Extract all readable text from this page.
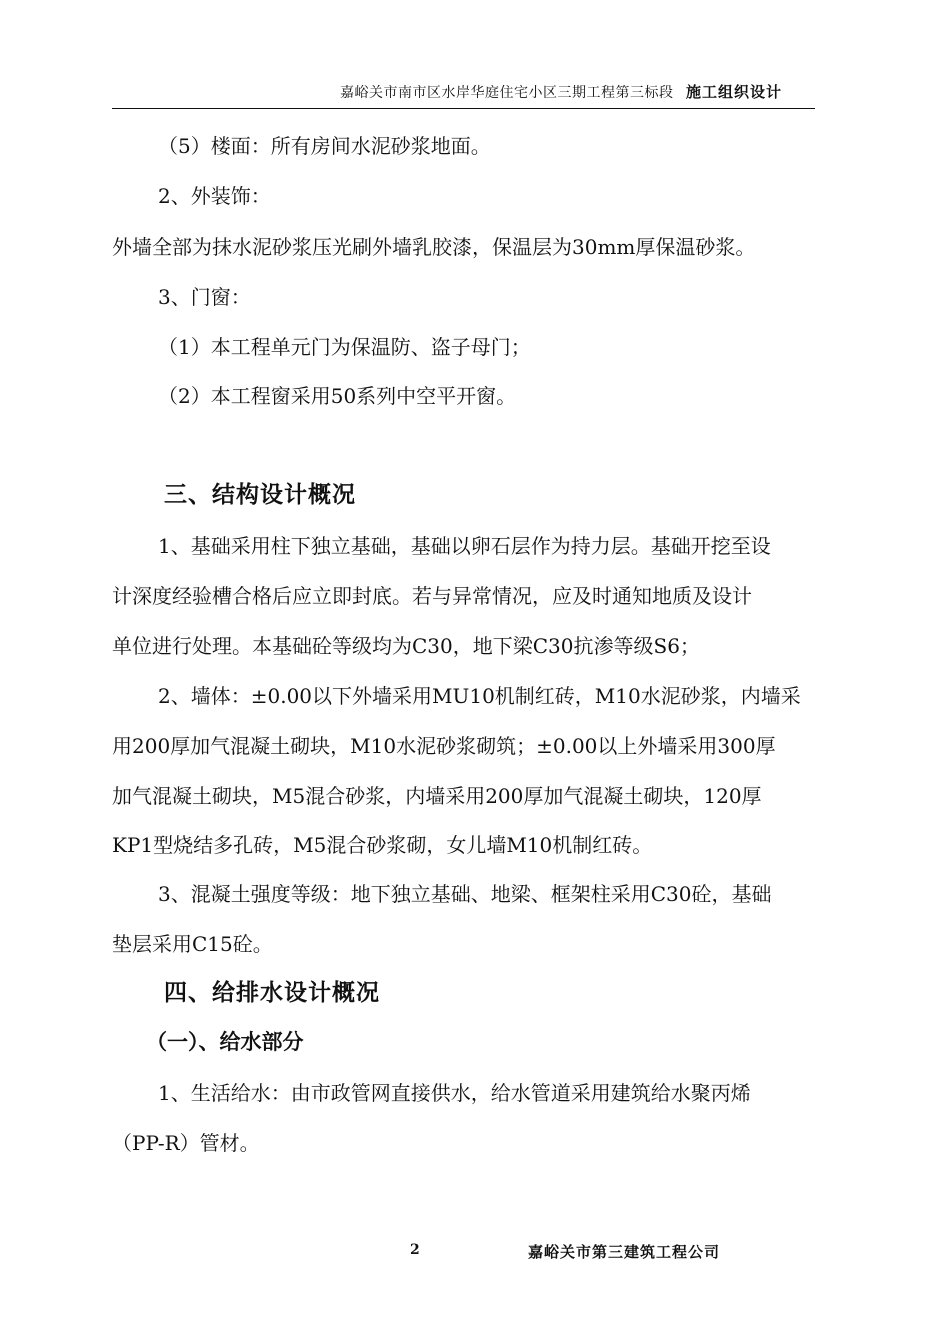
嘉峪关市南市区水岸华庭住宅小区三期工程第三标段 施工组织设计
（5）楼面：所有房间水泥砂浆地面。
2、外装饰：
外墙全部为抹水泥砂浆压光刷外墙乳胶漆，保温层为30mm厚保温砂浆。
3、门窗：
（1）本工程单元门为保温防、盗子母门；
（2）本工程窗采用50系列中空平开窗。
三、结构设计概况
1、基础采用柱下独立基础，基础以卵石层作为持力层。基础开挖至设
计深度经验槽合格后应立即封底。若与异常情况，应及时通知地质及设计
单位进行处理。本基础砼等级均为C30，地下梁C30抗渗等级S6；
2、墙体：±0.00以下外墙采用MU10机制红砖，M10水泥砂浆，内墙采
用200厚加气混凝土砌块，M10水泥砂浆砌筑；±0.00以上外墙采用300厚
加气混凝土砌块，M5混合砂浆，内墙采用200厚加气混凝土砌块，120厚
KP1型烧结多孔砖，M5混合砂浆砌，女儿墙M10机制红砖。
3、混凝土强度等级：地下独立基础、地梁、框架柱采用C30砼，基础
垫层采用C15砼。
四、给排水设计概况
（一）、给水部分
1、生活给水：由市政管网直接供水，给水管道采用建筑给水聚丙烯
（PP-R）管材。
2	嘉峪关市第三建筑工程公司
